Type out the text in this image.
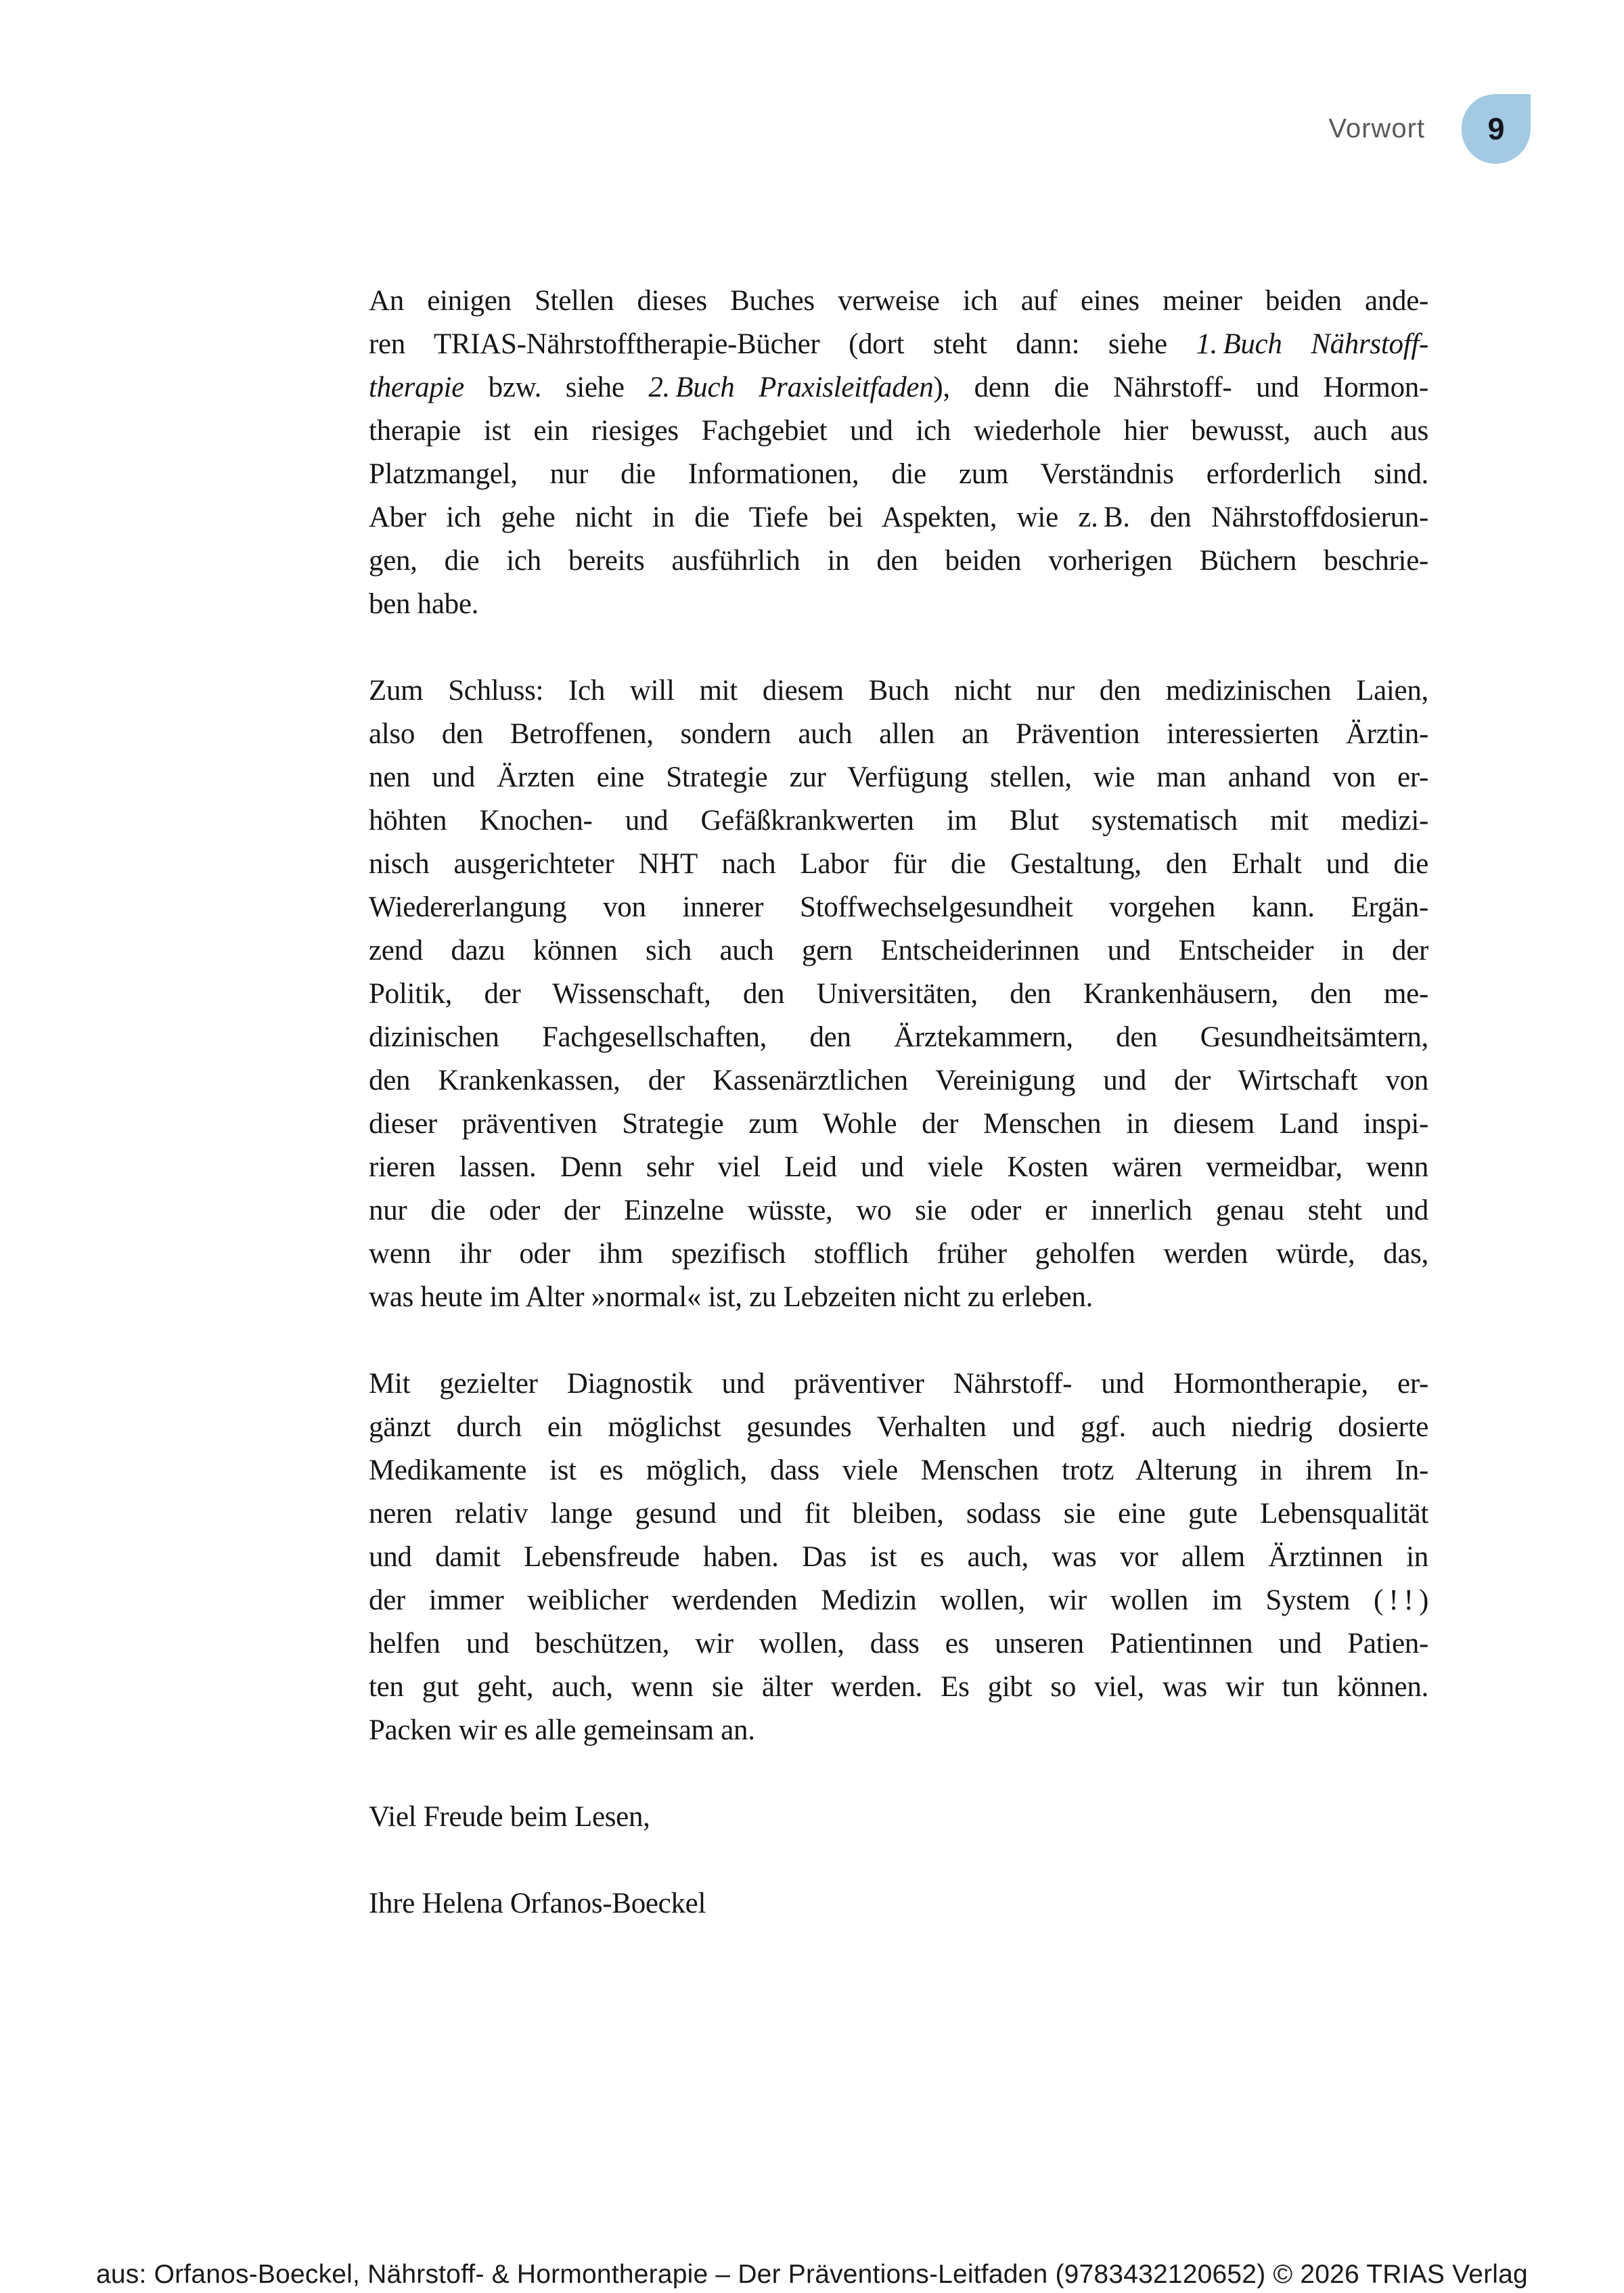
Vorwort 9
An einigen Stellen dieses Buches verweise ich auf eines meiner beiden ande-
ren TRIAS-Nährstofftherapie-Bücher (dort steht dann: siehe 1. Buch Nährstoff-
therapie bzw. siehe 2. Buch Praxisleitfaden), denn die Nährstoff- und Hormon-
therapie ist ein riesiges Fachgebiet und ich wiederhole hier bewusst, auch aus
Platzmangel, nur die Informationen, die zum Verständnis erforderlich sind.
Aber ich gehe nicht in die Tiefe bei Aspekten, wie z. B. den Nährstoffdosierun-
gen, die ich bereits ausführlich in den beiden vorherigen Büchern beschrie-
ben habe.
Zum Schluss: Ich will mit diesem Buch nicht nur den medizinischen Laien,
also den Betroffenen, sondern auch allen an Prävention interessierten Ärztin-
nen und Ärzten eine Strategie zur Verfügung stellen, wie man anhand von er-
höhten Knochen- und Gefäßkrankwerten im Blut systematisch mit medizi-
nisch ausgerichteter NHT nach Labor für die Gestaltung, den Erhalt und die
Wiedererlangung von innerer Stoffwechselgesundheit vorgehen kann. Ergän-
zend dazu können sich auch gern Entscheiderinnen und Entscheider in der
Politik, der Wissenschaft, den Universitäten, den Krankenhäusern, den me-
dizinischen Fachgesellschaften, den Ärztekammern, den Gesundheitsämtern,
den Krankenkassen, der Kassenärztlichen Vereinigung und der Wirtschaft von
dieser präventiven Strategie zum Wohle der Menschen in diesem Land inspi-
rieren lassen. Denn sehr viel Leid und viele Kosten wären vermeidbar, wenn
nur die oder der Einzelne wüsste, wo sie oder er innerlich genau steht und
wenn ihr oder ihm spezifisch stofflich früher geholfen werden würde, das,
was heute im Alter »normal« ist, zu Lebzeiten nicht zu erleben.
Mit gezielter Diagnostik und präventiver Nährstoff- und Hormontherapie, er-
gänzt durch ein möglichst gesundes Verhalten und ggf. auch niedrig dosierte
Medikamente ist es möglich, dass viele Menschen trotz Alterung in ihrem In-
neren relativ lange gesund und fit bleiben, sodass sie eine gute Lebensqualität
und damit Lebensfreude haben. Das ist es auch, was vor allem Ärztinnen in
der immer weiblicher werdenden Medizin wollen, wir wollen im System ( ! ! )
helfen und beschützen, wir wollen, dass es unseren Patientinnen und Patien-
ten gut geht, auch, wenn sie älter werden. Es gibt so viel, was wir tun können.
Packen wir es alle gemeinsam an.
Viel Freude beim Lesen,
Ihre Helena Orfanos-Boeckel
aus: Orfanos-Boeckel, Nährstoff- & Hormontherapie – Der Präventions-Leitfaden (9783432120652) © 2026 TRIAS Verlag
